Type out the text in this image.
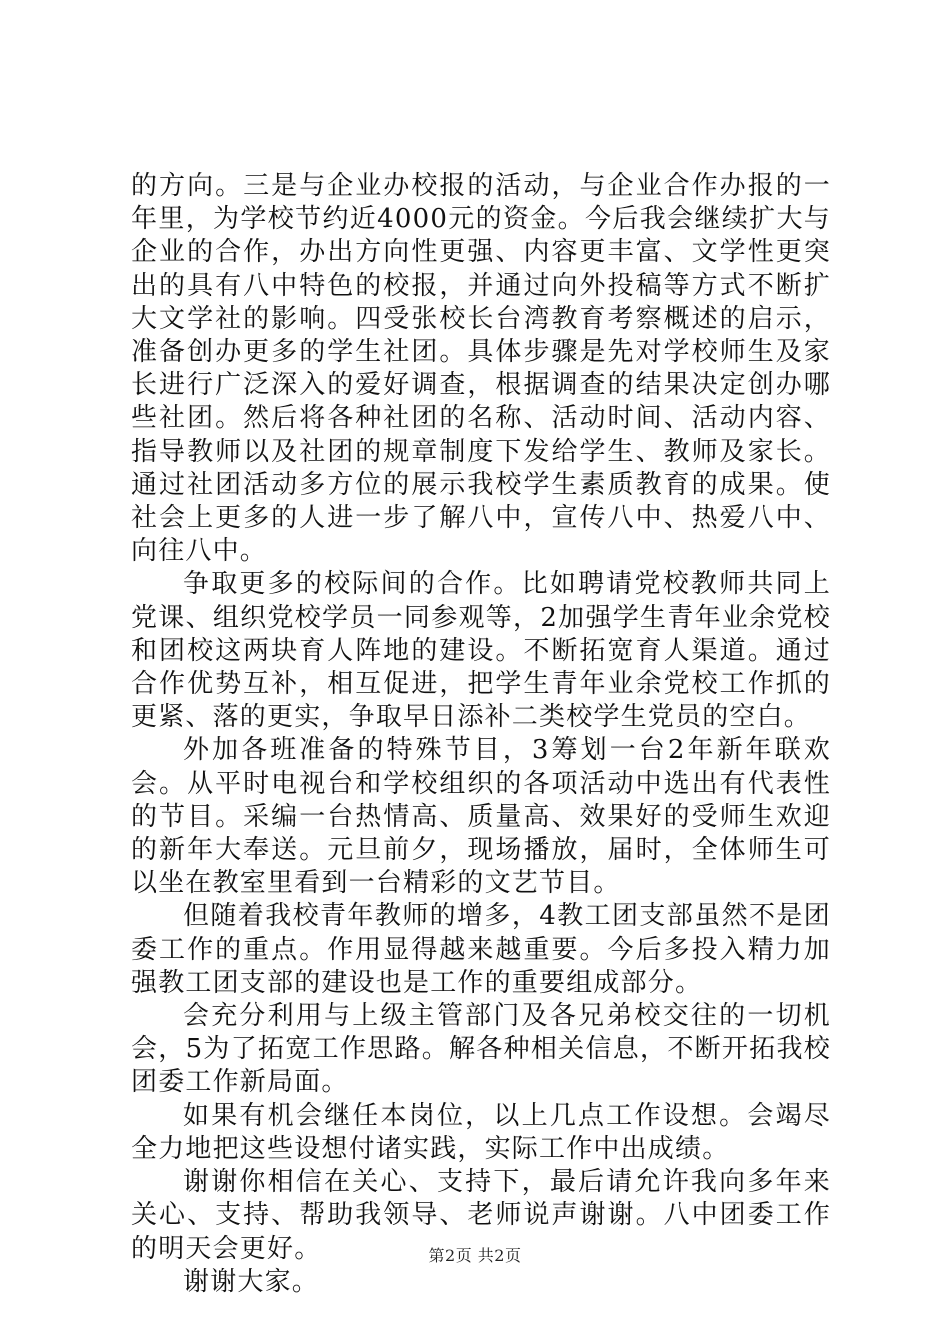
的方向。三是与企业办校报的活动，与企业合作办报的一年里，为学校节约近4000元的资金。今后我会继续扩大与企业的合作，办出方向性更强、内容更丰富、文学性更突出的具有八中特色的校报，并通过向外投稿等方式不断扩大文学社的影响。四受张校长台湾教育考察概述的启示，准备创办更多的学生社团。具体步骤是先对学校师生及家长进行广泛深入的爱好调查，根据调查的结果决定创办哪些社团。然后将各种社团的名称、活动时间、活动内容、指导教师以及社团的规章制度下发给学生、教师及家长。通过社团活动多方位的展示我校学生素质教育的成果。使社会上更多的人进一步了解八中，宣传八中、热爱八中、向往八中。

争取更多的校际间的合作。比如聘请党校教师共同上党课、组织党校学员一同参观等，2加强学生青年业余党校和团校这两块育人阵地的建设。不断拓宽育人渠道。通过合作优势互补，相互促进，把学生青年业余党校工作抓的更紧、落的更实，争取早日添补二类校学生党员的空白。

外加各班准备的特殊节目，3筹划一台2年新年联欢会。从平时电视台和学校组织的各项活动中选出有代表性的节目。采编一台热情高、质量高、效果好的受师生欢迎的新年大奉送。元旦前夕，现场播放，届时，全体师生可以坐在教室里看到一台精彩的文艺节目。

但随着我校青年教师的增多，4教工团支部虽然不是团委工作的重点。作用显得越来越重要。今后多投入精力加强教工团支部的建设也是工作的重要组成部分。

会充分利用与上级主管部门及各兄弟校交往的一切机会，5为了拓宽工作思路。解各种相关信息，不断开拓我校团委工作新局面。

如果有机会继任本岗位，以上几点工作设想。会竭尽全力地把这些设想付诸实践，实际工作中出成绩。

谢谢你相信在关心、支持下，最后请允许我向多年来关心、支持、帮助我领导、老师说声谢谢。八中团委工作的明天会更好。

谢谢大家。

第2页 共2页
